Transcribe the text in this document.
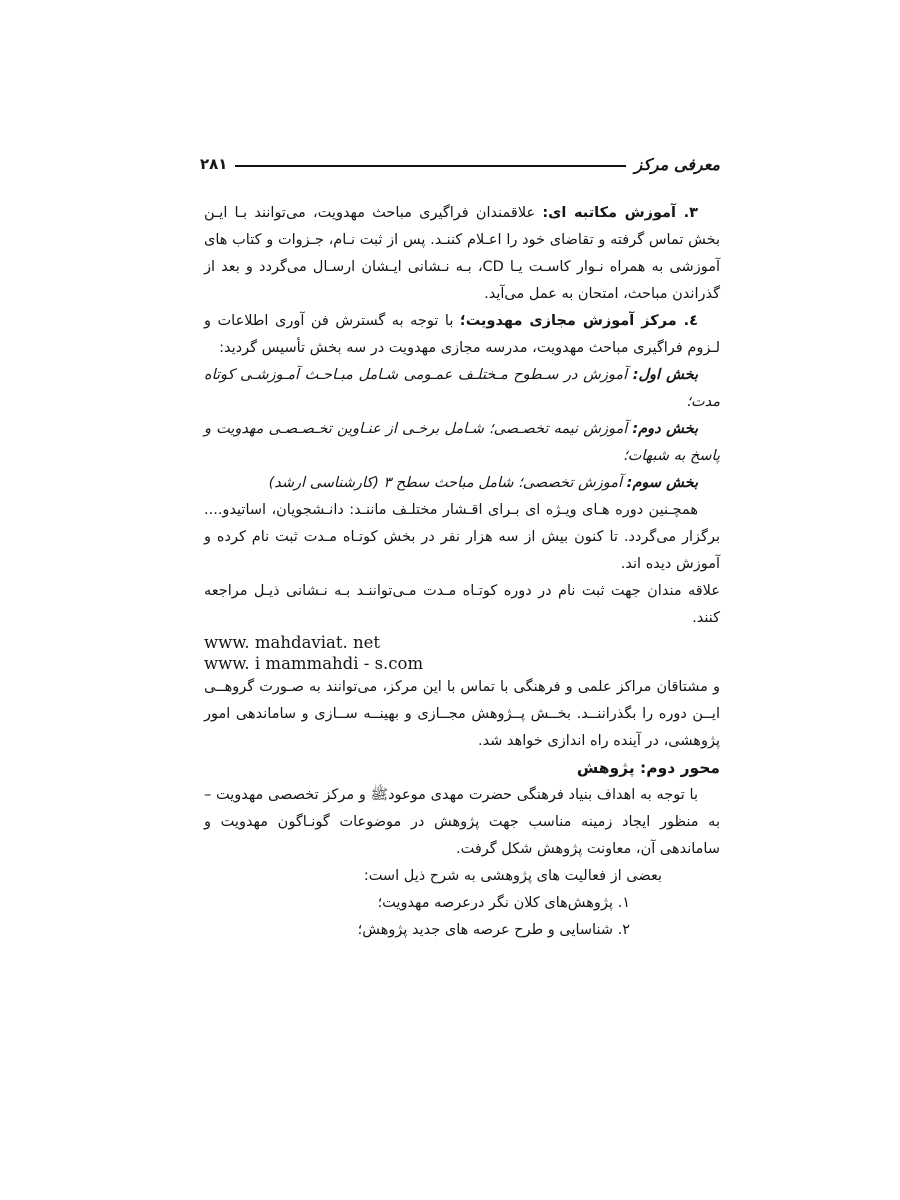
معرفی مرکز
۲۸۱

۳. آموزش مکاتبه ای: علاقمندان فراگیری مباحث مهدویت، می‌توانند بـا ایـن بخش تماس گرفته و تقاضای خود را اعـلام کننـد. پس از ثبت نـام، جـزوات و کتاب های آموزشی به همراه نـوار کاسـت یـا CD، بـه نـشانی ایـشان ارسـال می‌گردد و بعد از گذراندن مباحث، امتحان به عمل می‌آید.

٤. مرکز آموزش مجازی مهدویت؛ با توجه به گسترش فن آوری اطلاعات و لـزوم فراگیری مباحث مهدویت، مدرسه مجازی مهدویت در سه بخش تأسیس گردید:

بخش اول: آموزش در سـطوح مـختلـف عمـومی شـامل مبـاحـث آمـوزشـی کوتاه مدت؛

بخش دوم: آموزش نیمه تخصـصی؛ شـامل برخـی از عنـاوین تخـصـصـی مهدویت و پاسخ به شبهات؛

بخش سوم: آموزش تخصصی؛ شامل مباحث سطح ۳ (کارشناسی ارشد)

همچـنین دوره هـای ویـژه ای بـرای اقـشار مختلـف ماننـد: دانـشجویان، اساتیدو.... برگزار می‌گردد. تا کنون بیش از سه هزار نفر در بخش کوتـاه مـدت ثبت نام کرده و آموزش دیده اند.

علاقه مندان جهت ثبت نام در دوره کوتـاه مـدت مـی‌تواننـد بـه نـشانی ذیـل مراجعه کنند.

www. mahdaviat. net

www. i mammahdi - s.com

و مشتاقان مراکز علمی و فرهنگی با تماس با این مرکز، می‌توانند به صـورت گروهــی ایــن دوره را بگذراننــد. بخــش پــژوهش مجــازی و بهینــه ســازی و ساماندهی امور پژوهشی، در آینده راه اندازی خواهد شد.

محور دوم: پژوهش

با توجه به اهداف بنیاد فرهنگی حضرت مهدی موعودﷺ و مرکز تخصصی مهدویت – به منظور ایجاد زمینه مناسب جهت پژوهش در موضوعات گونـاگون مهدویت و ساماندهی آن، معاونت پژوهش شکل گرفت.

بعضی از فعالیت های پژوهشی به شرح ذیل است:

۱. پژوهش‌های کلان نگر درعرصه مهدویت؛

۲. شناسایی و طرح عرصه های جدید پژوهش؛
